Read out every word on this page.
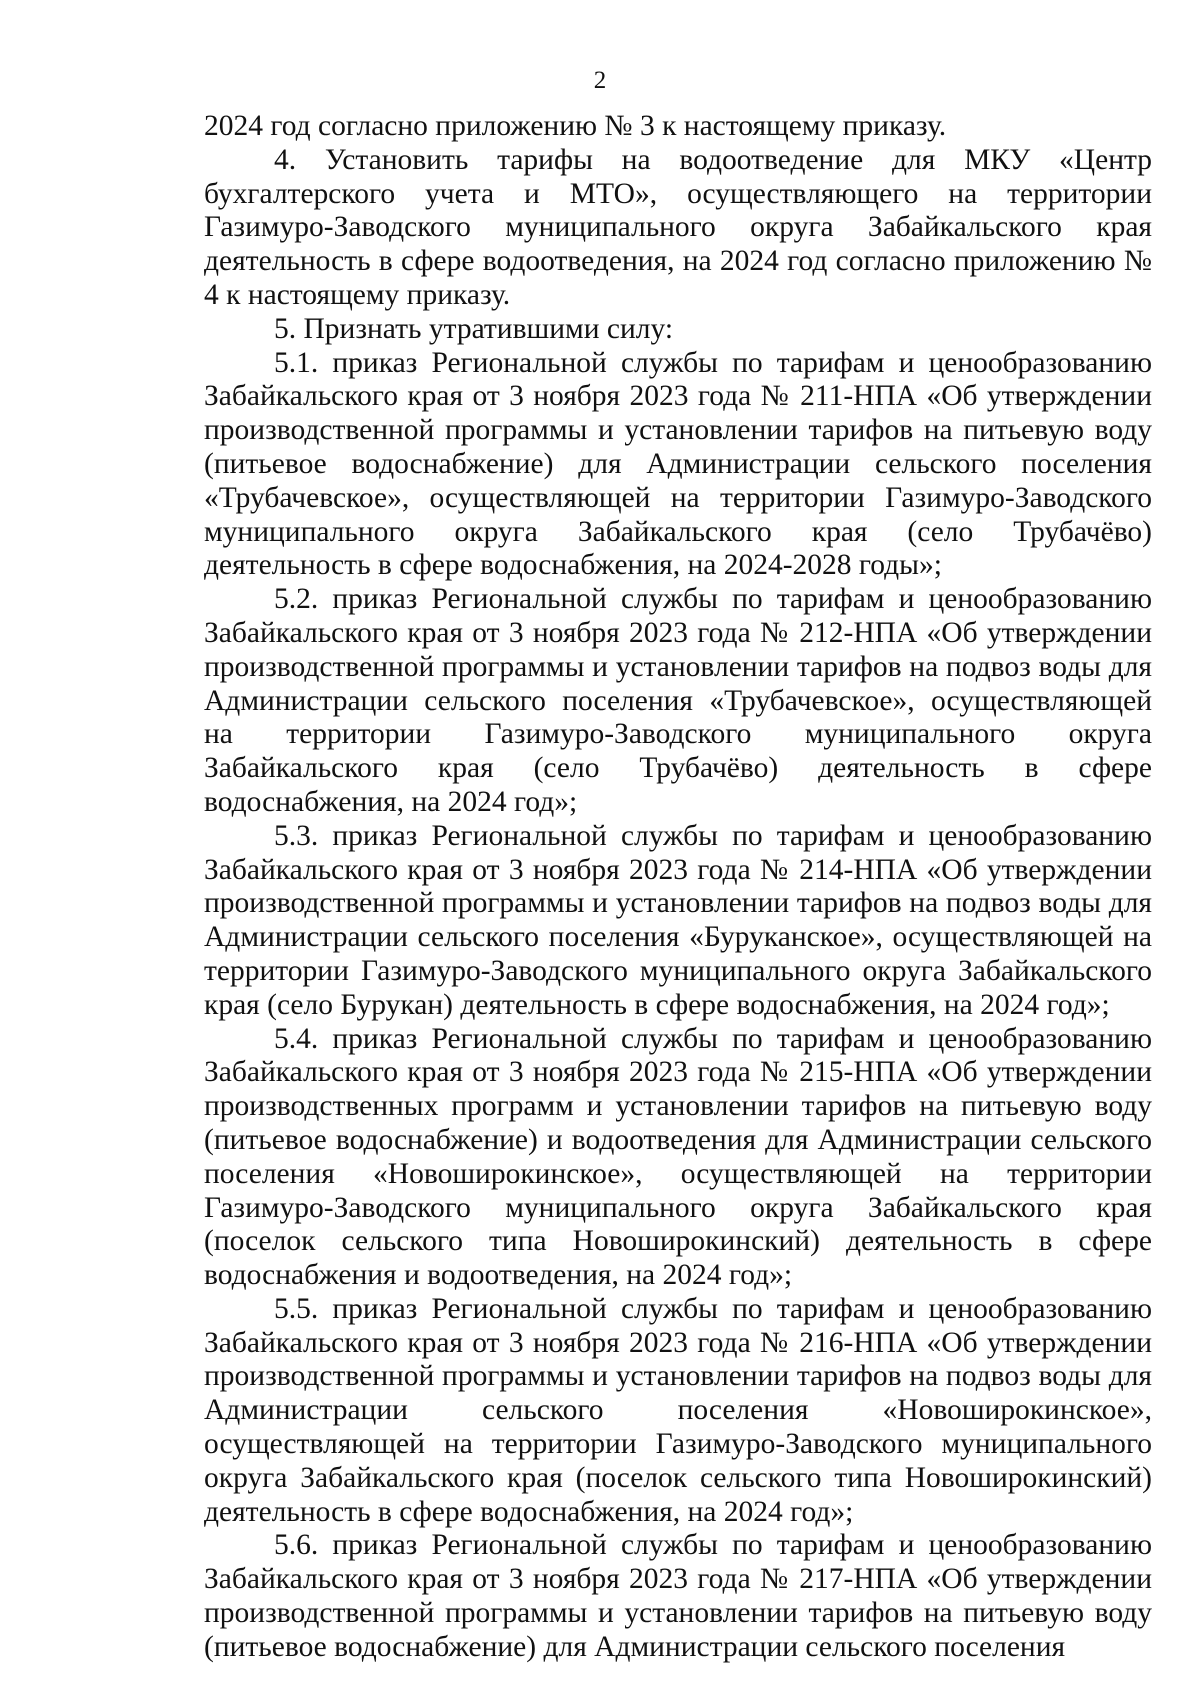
2

2024 год согласно приложению № 3 к настоящему приказу.

4. Установить тарифы на водоотведение для МКУ «Центр бухгалтерского учета и МТО», осуществляющего на территории Газимуро-Заводского муниципального округа Забайкальского края деятельность в сфере водоотведения, на 2024 год согласно приложению № 4 к настоящему приказу.

5. Признать утратившими силу:

5.1. приказ Региональной службы по тарифам и ценообразованию Забайкальского края от 3 ноября 2023 года № 211-НПА «Об утверждении производственной программы и установлении тарифов на питьевую воду (питьевое водоснабжение) для Администрации сельского поселения «Трубачевское», осуществляющей на территории Газимуро-Заводского муниципального округа Забайкальского края (село Трубачёво) деятельность в сфере водоснабжения, на 2024-2028 годы»;

5.2. приказ Региональной службы по тарифам и ценообразованию Забайкальского края от 3 ноября 2023 года № 212-НПА «Об утверждении производственной программы и установлении тарифов на подвоз воды для Администрации сельского поселения «Трубачевское», осуществляющей на территории Газимуро-Заводского муниципального округа Забайкальского края (село Трубачёво) деятельность в сфере водоснабжения, на 2024 год»;

5.3. приказ Региональной службы по тарифам и ценообразованию Забайкальского края от 3 ноября 2023 года № 214-НПА «Об утверждении производственной программы и установлении тарифов на подвоз воды для Администрации сельского поселения «Буруканское», осуществляющей на территории Газимуро-Заводского муниципального округа Забайкальского края (село Бурукан) деятельность в сфере водоснабжения, на 2024 год»;

5.4. приказ Региональной службы по тарифам и ценообразованию Забайкальского края от 3 ноября 2023 года № 215-НПА «Об утверждении производственных программ и установлении тарифов на питьевую воду (питьевое водоснабжение) и водоотведения для Администрации сельского поселения «Новоширокинское», осуществляющей на территории Газимуро-Заводского муниципального округа Забайкальского края (поселок сельского типа Новоширокинский) деятельность в сфере водоснабжения и водоотведения, на 2024 год»;

5.5. приказ Региональной службы по тарифам и ценообразованию Забайкальского края от 3 ноября 2023 года № 216-НПА «Об утверждении производственной программы и установлении тарифов на подвоз воды для Администрации сельского поселения «Новоширокинское», осуществляющей на территории Газимуро-Заводского муниципального округа Забайкальского края (поселок сельского типа Новоширокинский) деятельность в сфере водоснабжения, на 2024 год»;

5.6. приказ Региональной службы по тарифам и ценообразованию Забайкальского края от 3 ноября 2023 года № 217-НПА «Об утверждении производственной программы и установлении тарифов на питьевую воду (питьевое водоснабжение) для Администрации сельского поселения
